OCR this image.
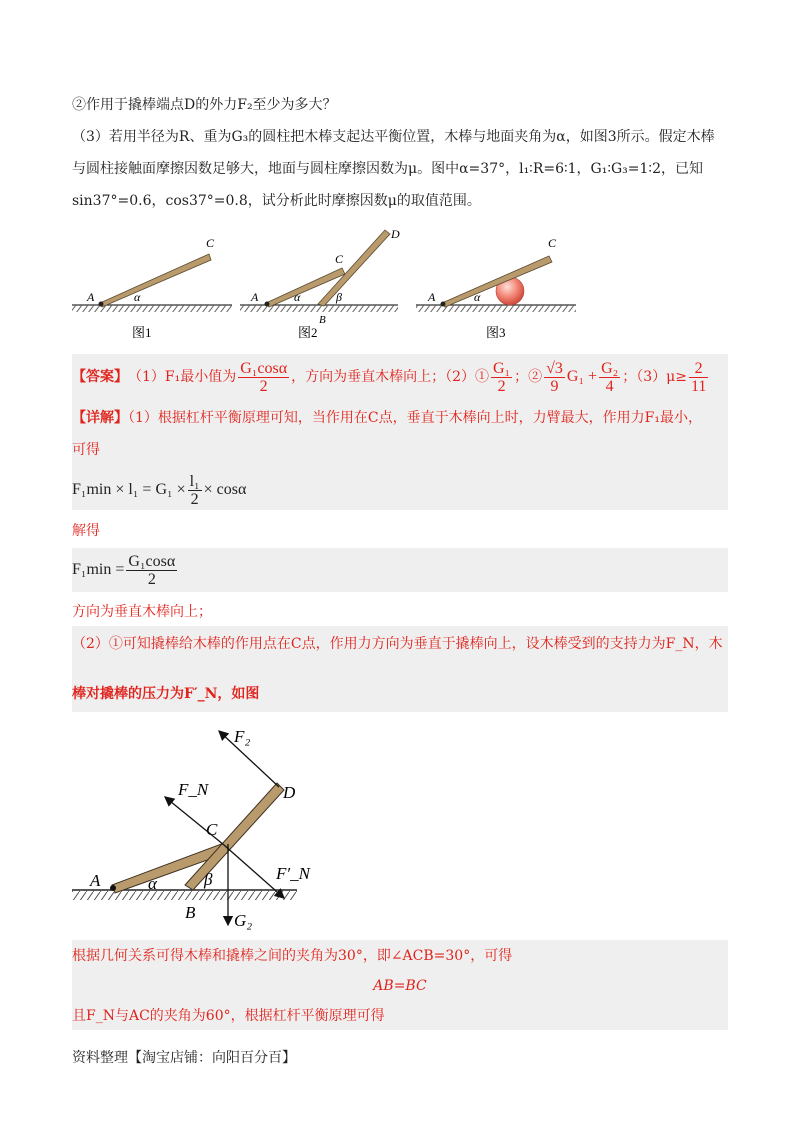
②作用于撬棒端点D的外力F₂至少为多大？
（3）若用半径为R、重为G₃的圆柱把木棒支起达平衡位置，木棒与地面夹角为α，如图3所示。假定木棒
与圆柱接触面摩擦因数足够大，地面与圆柱摩擦因数为μ。图中α=37°，l₁∶R=6∶1，G₁∶G₃=1∶2，已知
sin37°=0.6，cos37°=0.8，试分析此时摩擦因数μ的取值范围。
A
C
α
图1
A
C
D
B
α	β
图2
A
C
α
图3
【答案】 （1）F₁最小值为 $\frac{\text{G₁cosα}}{2}$ ，方向为垂直木棒向上；（2）① $\frac{\text{G₁}}{2}$ ；② $\frac{√3}{9} G_1 + \frac{\text{G₂}}{4}$ ；$(3)\mu\ge \frac{2}{11}$
【详解】（1）根据杠杆平衡原理可知，当作用在C点，垂直于木棒向上时，力臂最大，作用力F₁最小，
可得
$F_1\min \times l_1 = G_1 \times \frac{\text{l₁}}{2} \times \cos\alpha$
解得
$F_1\min = \frac{\text{G₁cosα}}{2}$
方向为垂直木棒向上；
（2）①可知撬棒给木棒的作用点在C点，作用力方向为垂直于撬棒向上，设木棒受到的支持力为F_N，木
棒对撬棒的压力为F′_N，如图
F₂
F_N
F′_N
G₂
D
C
A
B
α	β
根据几何关系可得木棒和撬棒之间的夹角为30°，即∠ACB=30°，可得
AB=BC
且F_N与AC的夹角为60°，根据杠杆平衡原理可得
资料整理【淘宝店铺：向阳百分百】
